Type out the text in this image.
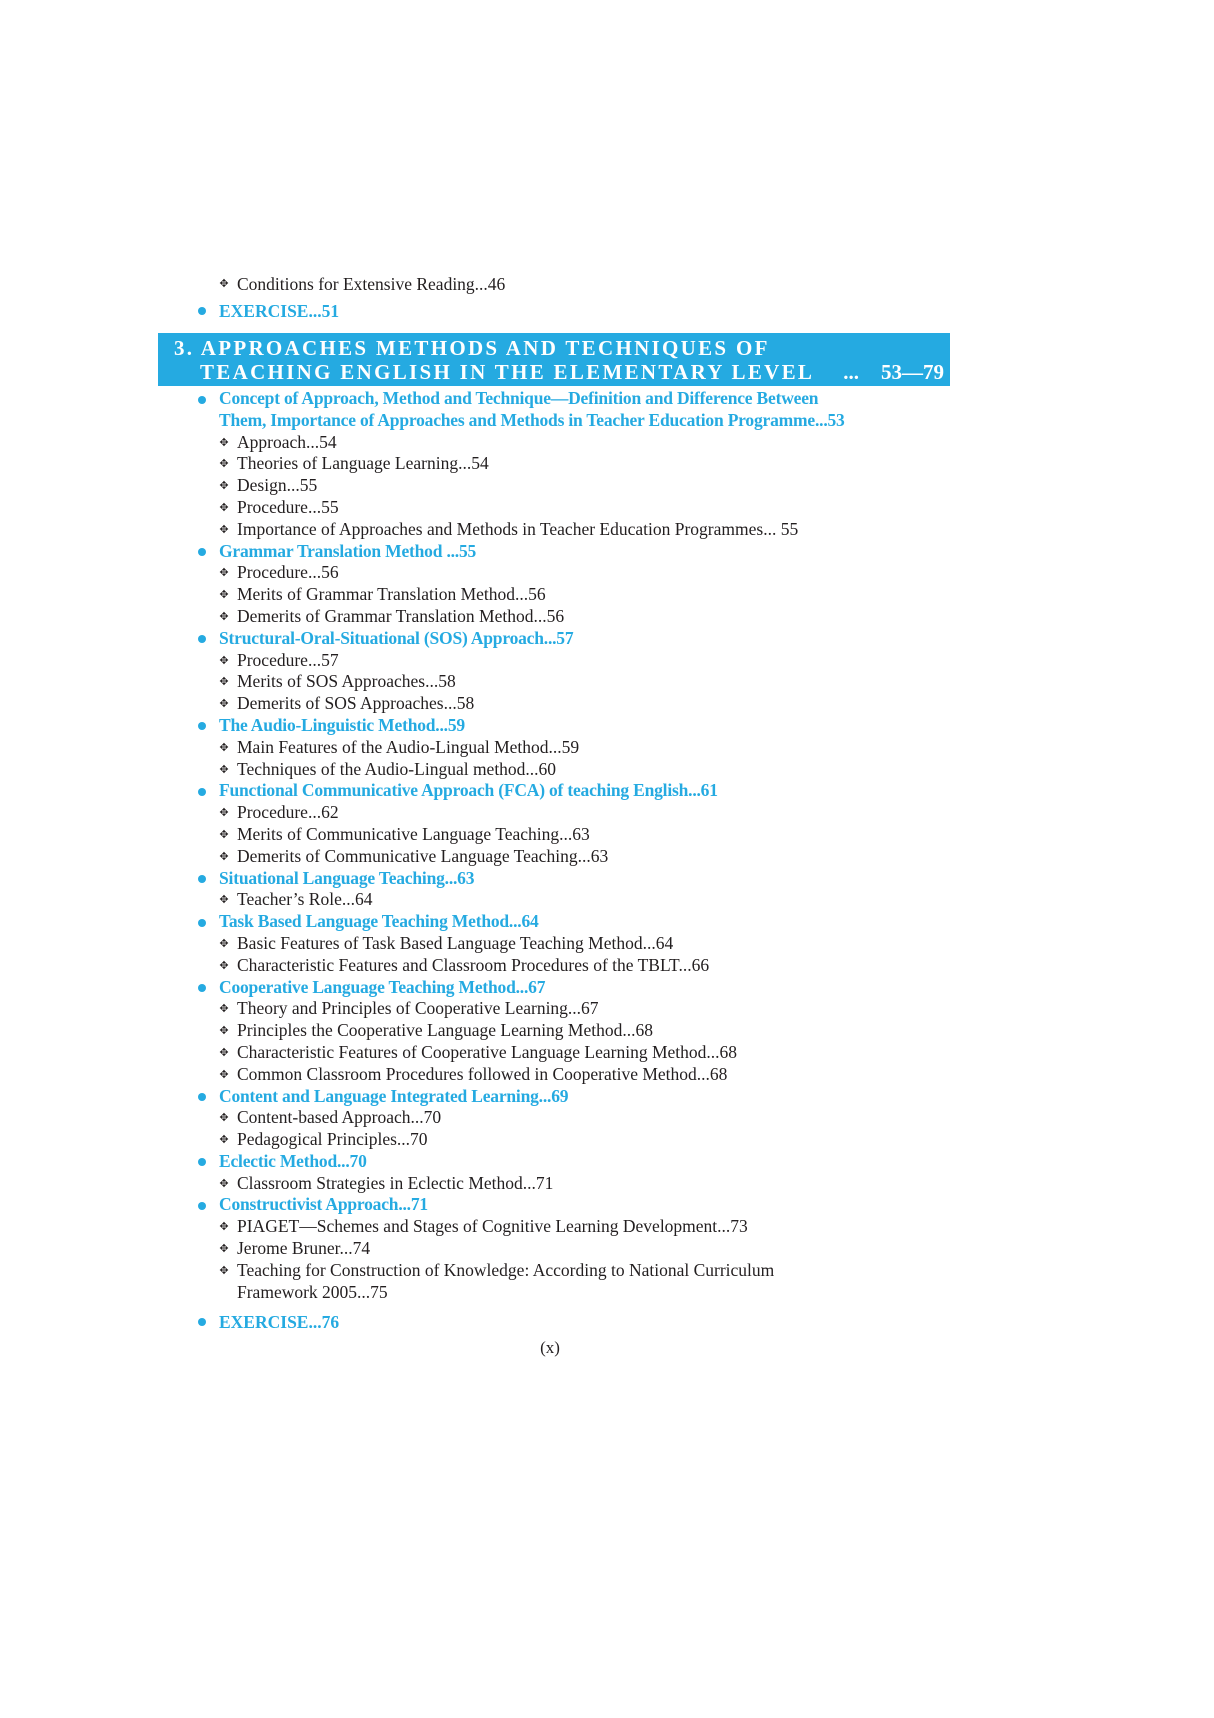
✥ Conditions for Extensive Reading...46
EXERCISE...51
3. APPROACHES METHODS AND TECHNIQUES OF
TEACHING ENGLISH IN THE ELEMENTARY LEVEL ... 53—79
Concept of Approach, Method and Technique—Definition and Difference Between
Them, Importance of Approaches and Methods in Teacher Education Programme...53
✥ Approach...54
✥ Theories of Language Learning...54
✥ Design...55
✥ Procedure...55
✥ Importance of Approaches and Methods in Teacher Education Programmes... 55
Grammar Translation Method ...55
✥ Procedure...56
✥ Merits of Grammar Translation Method...56
✥ Demerits of Grammar Translation Method...56
Structural-Oral-Situational (SOS) Approach...57
✥ Procedure...57
✥ Merits of SOS Approaches...58
✥ Demerits of SOS Approaches...58
The Audio-Linguistic Method...59
✥ Main Features of the Audio-Lingual Method...59
✥ Techniques of the Audio-Lingual method...60
Functional Communicative Approach (FCA) of teaching English...61
✥ Procedure...62
✥ Merits of Communicative Language Teaching...63
✥ Demerits of Communicative Language Teaching...63
Situational Language Teaching...63
✥ Teacher’s Role...64
Task Based Language Teaching Method...64
✥ Basic Features of Task Based Language Teaching Method...64
✥ Characteristic Features and Classroom Procedures of the TBLT...66
Cooperative Language Teaching Method...67
✥ Theory and Principles of Cooperative Learning...67
✥ Principles the Cooperative Language Learning Method...68
✥ Characteristic Features of Cooperative Language Learning Method...68
✥ Common Classroom Procedures followed in Cooperative Method...68
Content and Language Integrated Learning...69
✥ Content-based Approach...70
✥ Pedagogical Principles...70
Eclectic Method...70
✥ Classroom Strategies in Eclectic Method...71
Constructivist Approach...71
✥ PIAGET—Schemes and Stages of Cognitive Learning Development...73
✥ Jerome Bruner...74
✥ Teaching for Construction of Knowledge: According to National Curriculum
Framework 2005...75
EXERCISE...76
(x)
